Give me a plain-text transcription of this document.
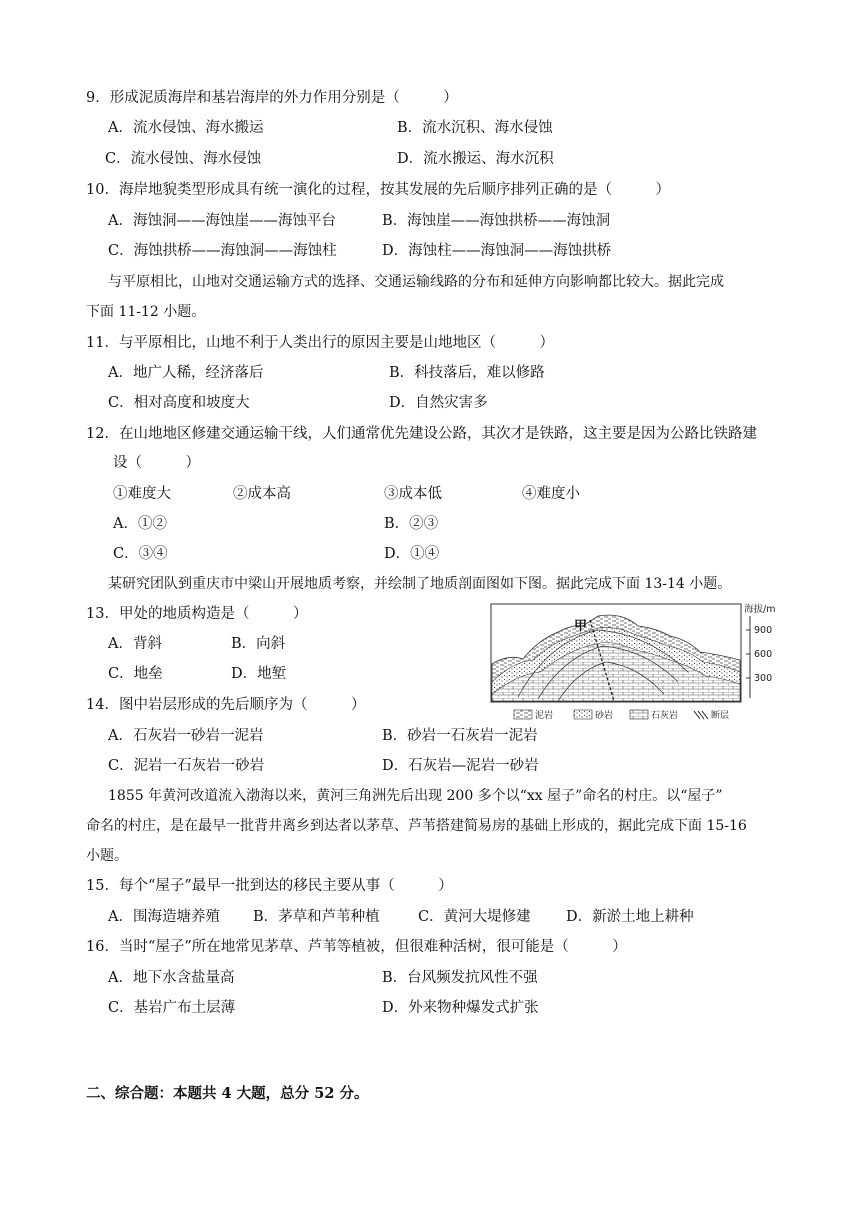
9．形成泥质海岸和基岩海岸的外力作用分别是（　　　）
A．流水侵蚀、海水搬运	B．流水沉积、海水侵蚀
C．流水侵蚀、海水侵蚀	D．流水搬运、海水沉积
10．海岸地貌类型形成具有统一演化的过程，按其发展的先后顺序排列正确的是（　　　）
A．海蚀洞——海蚀崖——海蚀平台	B．海蚀崖——海蚀拱桥——海蚀洞
C．海蚀拱桥——海蚀洞——海蚀柱	D．海蚀柱——海蚀洞——海蚀拱桥
与平原相比，山地对交通运输方式的选择、交通运输线路的分布和延伸方向影响都比较大。据此完成
下面 11-12 小题。
11．与平原相比，山地不利于人类出行的原因主要是山地地区（　　　）
A．地广人稀，经济落后	B．科技落后，难以修路
C．相对高度和坡度大	D．自然灾害多
12．在山地地区修建交通运输干线，人们通常优先建设公路，其次才是铁路，这主要是因为公路比铁路建
设（　　　）
①难度大	②成本高	③成本低	④难度小
A．①②	B．②③
C．③④	D．①④
某研究团队到重庆市中梁山开展地质考察，并绘制了地质剖面图如下图。据此完成下面 13-14 小题。
13．甲处的地质构造是（　　　）
A．背斜	B．向斜
C．地垒	D．地堑
甲
海拔/m
900
600
300
泥岩	砂岩	石灰岩	断层
14．图中岩层形成的先后顺序为（　　　）
A．石灰岩一砂岩一泥岩	B．砂岩一石灰岩一泥岩
C．泥岩一石灰岩一砂岩	D．石灰岩—泥岩一砂岩
1855 年黄河改道流入渤海以来，黄河三角洲先后出现 200 多个以“xx 屋子”命名的村庄。以“屋子”
命名的村庄，是在最早一批背井离乡到达者以茅草、芦苇搭建简易房的基础上形成的，据此完成下面 15-16
小题。
15．每个“屋子”最早一批到达的移民主要从事（　　　）
A．围海造塘养殖 B．茅草和芦苇种植	C．黄河大堤修建 D．新淤土地上耕种
16．当时“屋子”所在地常见茅草、芦苇等植被，但很难种活树，很可能是（　　　）
A．地下水含盐量高	B．台风频发抗风性不强
C．基岩广布土层薄	D．外来物种爆发式扩张
二、综合题：本题共 4 大题，总分 52 分。
